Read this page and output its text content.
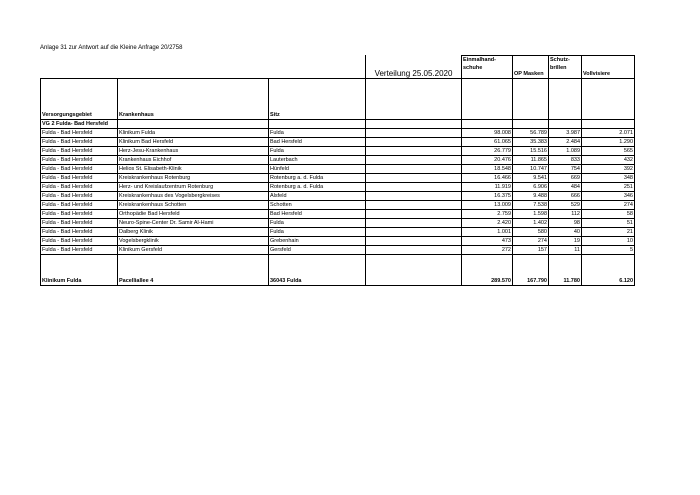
Anlage 31 zur Antwort auf die Kleine Anfrage 20/2758
			Verteilung 25.05.2020	Einmalhand-schuhe	OP Masken	Schutz-brillen	Vollvisiere
Versorgungsgebiet	Krankenhaus	Sitz					
VG 2 Fulda- Bad Hersfeld							
Fulda - Bad Hersfeld	Klinikum Fulda	Fulda		98.008	56.789	3.987	2.071
Fulda - Bad Hersfeld	Klinikum Bad Hersfeld	Bad Hersfeld		61.065	35.383	2.484	1.290
Fulda - Bad Hersfeld	Herz-Jesu-Krankenhaus	Fulda		26.779	15.516	1.089	565
Fulda - Bad Hersfeld	Krankenhaus Eichhof	Lauterbach		20.476	11.865	833	432
Fulda - Bad Hersfeld	Helios St. Elisabeth-Klinik	Hünfeld		18.548	10.747	754	392
Fulda - Bad Hersfeld	Kreiskrankenhaus Rotenburg	Rotenburg a. d. Fulda		16.466	9.541	669	348
Fulda - Bad Hersfeld	Herz- und Kreislaufzentrum Rotenburg	Rotenburg a. d. Fulda		11.919	6.906	484	251
Fulda - Bad Hersfeld	Kreiskrankenhaus des Vogelsbergkreises	Alsfeld		16.375	9.488	666	346
Fulda - Bad Hersfeld	Kreiskrankenhaus Schotten	Schotten		13.009	7.538	529	274
Fulda - Bad Hersfeld	Orthopädie Bad Hersfeld	Bad Hersfeld		2.759	1.598	112	58
Fulda - Bad Hersfeld	Neuro-Spine-Center Dr. Samir Al-Hami	Fulda		2.420	1.402	98	51
Fulda - Bad Hersfeld	Dalberg Klinik	Fulda		1.001	580	40	21
Fulda - Bad Hersfeld	Vogelsbergklinik	Grebenhain		473	274	19	10
Fulda - Bad Hersfeld	Klinikum Gersfeld	Gersfeld		272	157	11	5
Klinikum Fulda	Pacelliallee 4	36043 Fulda		289.570	167.790	11.780	6.120
